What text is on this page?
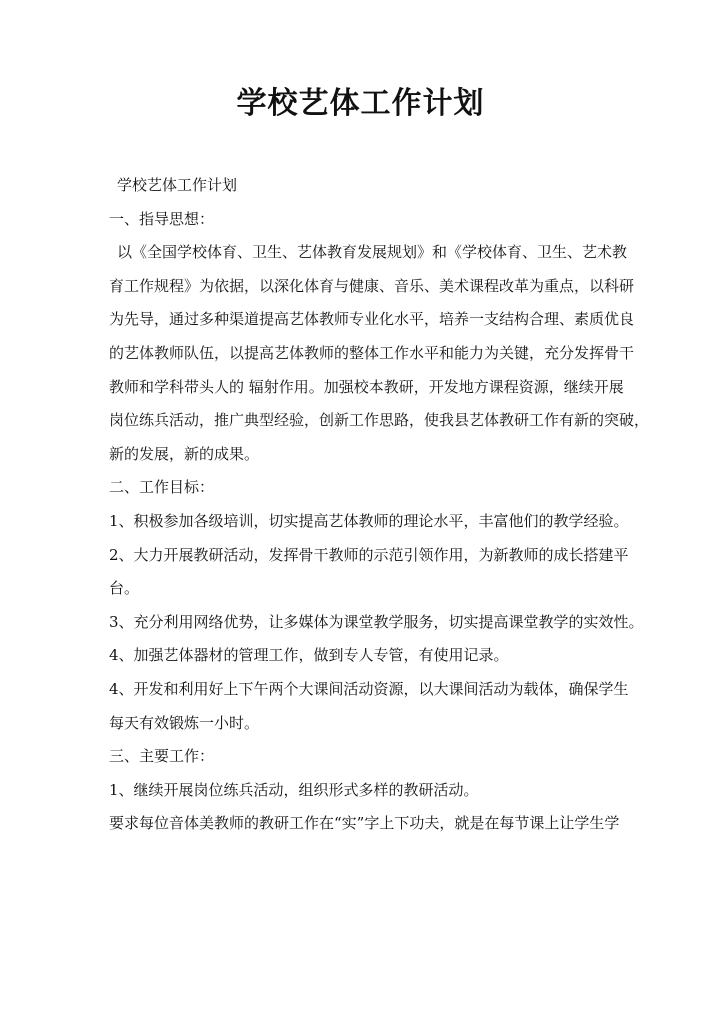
学校艺体工作计划
学校艺体工作计划
一、指导思想：
以《全国学校体育、卫生、艺体教育发展规划》和《学校体育、卫生、艺术教
育工作规程》为依据，以深化体育与健康、音乐、美术课程改革为重点，以科研
为先导，通过多种渠道提高艺体教师专业化水平，培养一支结构合理、素质优良
的艺体教师队伍，以提高艺体教师的整体工作水平和能力为关键，充分发挥骨干
教师和学科带头人的 辐射作用。加强校本教研，开发地方课程资源，继续开展
岗位练兵活动，推广典型经验，创新工作思路，使我县艺体教研工作有新的突破，
新的发展，新的成果。
二、工作目标：
1、积极参加各级培训，切实提高艺体教师的理论水平，丰富他们的教学经验。
2、大力开展教研活动，发挥骨干教师的示范引领作用，为新教师的成长搭建平
台。
3、充分利用网络优势，让多媒体为课堂教学服务，切实提高课堂教学的实效性。
4、加强艺体器材的管理工作，做到专人专管，有使用记录。
4、开发和利用好上下午两个大课间活动资源，以大课间活动为载体，确保学生
每天有效锻炼一小时。
三、主要工作：
1、继续开展岗位练兵活动，组织形式多样的教研活动。
要求每位音体美教师的教研工作在“实”字上下功夫，就是在每节课上让学生学
